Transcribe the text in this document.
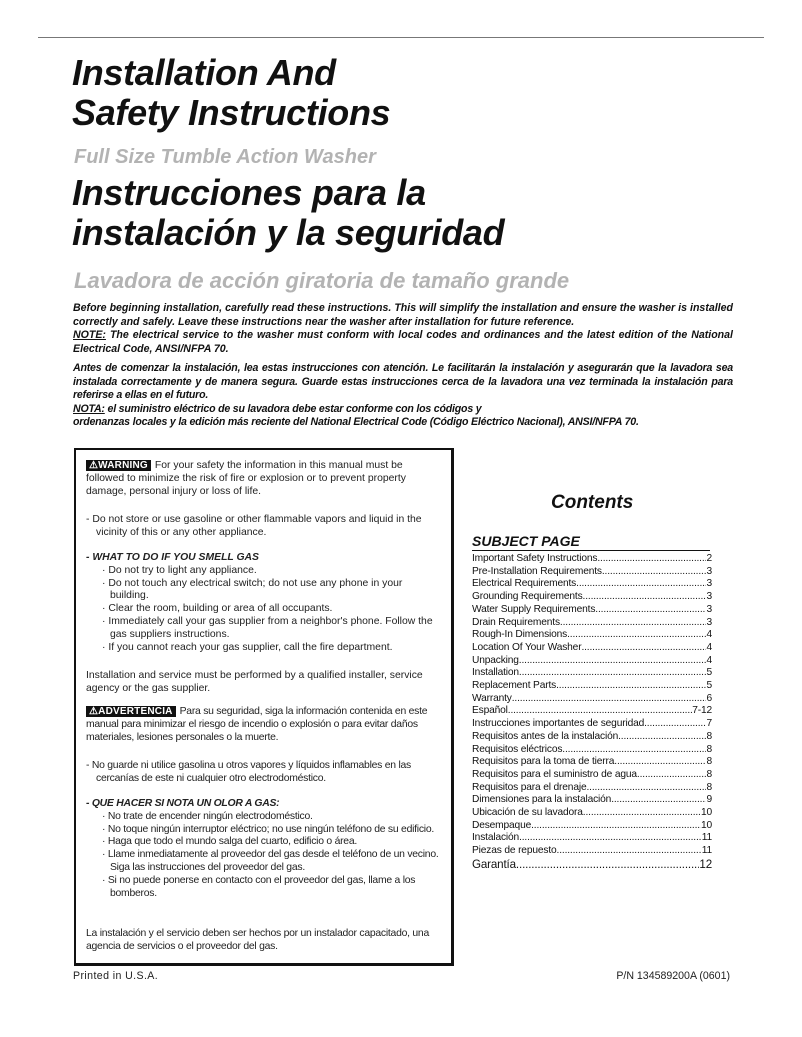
Installation And
Safety Instructions
Full Size Tumble Action Washer
Instrucciones para la
instalación y la seguridad
Lavadora de acción giratoria de tamaño grande
Before beginning installation, carefully read these instructions. This will simplify the installation and ensure the washer is installed correctly and safely. Leave these instructions near the washer after installation for future reference.
NOTE: The electrical service to the washer must conform with local codes and ordinances and the latest edition of the National Electrical Code, ANSI/NFPA 70.
Antes de comenzar la instalación, lea estas instrucciones con atención. Le facilitarán la instalación y asegurarán que la lavadora sea instalada correctamente y de manera segura. Guarde estas instrucciones cerca de la lavadora una vez terminada la instalación para referirse a ellas en el futuro.
NOTA: el suministro eléctrico de su lavadora debe estar conforme con los códigos y
ordenanzas locales y la edición más reciente del National Electrical Code (Código Eléctrico Nacional), ANSI/NFPA 70.
⚠WARNING For your safety the information in this manual must be followed to minimize the risk of fire or explosion or to prevent property damage, personal injury or loss of life.
- Do not store or use gasoline or other flammable vapors and liquid in the vicinity of this or any other appliance.
- WHAT TO DO IF YOU SMELL GAS
· Do not try to light any appliance.
· Do not touch any electrical switch; do not use any phone in your building.
· Clear the room, building or area of all occupants.
· Immediately call your gas supplier from a neighbor's phone. Follow the gas suppliers instructions.
· If you cannot reach your gas supplier, call the fire department.
Installation and service must be performed by a qualified installer, service agency or the gas supplier.
⚠ADVERTENCIA Para su seguridad, siga la información contenida en este manual para minimizar el riesgo de incendio o explosión o para evitar daños materiales, lesiones personales o la muerte.
- No guarde ni utilice gasolina u otros vapores y líquidos inflamables en las cercanías de este ni cualquier otro electrodoméstico.
- QUE HACER SI NOTA UN OLOR A GAS:
· No trate de encender ningún electrodoméstico.
· No toque ningún interruptor eléctrico; no use ningún teléfono de su edificio.
· Haga que todo el mundo salga del cuarto, edificio o área.
· Llame inmediatamente al proveedor del gas desde el teléfono de un vecino. Siga las instrucciones del proveedor del gas.
· Si no puede ponerse en contacto con el proveedor del gas, llame a los bomberos.
La instalación y el servicio deben ser hechos por un instalador capacitado, una agencia de servicios o el proveedor del gas.
Contents
SUBJECT PAGE
Important Safety Instructions .....	2
Pre-Installation Requirements .....	3
Electrical Requirements .....	3
Grounding Requirements .....	3
Water Supply Requirements .....	3
Drain Requirements .....	3
Rough-In Dimensions .....	4
Location Of Your Washer .....	4
Unpacking .....	4
Installation .....	5
Replacement Parts .....	5
Warranty .....	6
Español .....	7-12
Instrucciones importantes de seguridad .....	7
Requisitos antes de la instalación .....	8
Requisitos eléctricos .....	8
Requisitos para la toma de tierra .....	8
Requisitos para el suministro de agua .....	8
Requisitos para el drenaje .....	8
Dimensiones para la instalación .....	9
Ubicación de su lavadora .....	10
Desempaque .....	10
Instalación .....	11
Piezas de repuesto .....	11
Garantía .....	12
Printed in U.S.A.	P/N 134589200A (0601)
